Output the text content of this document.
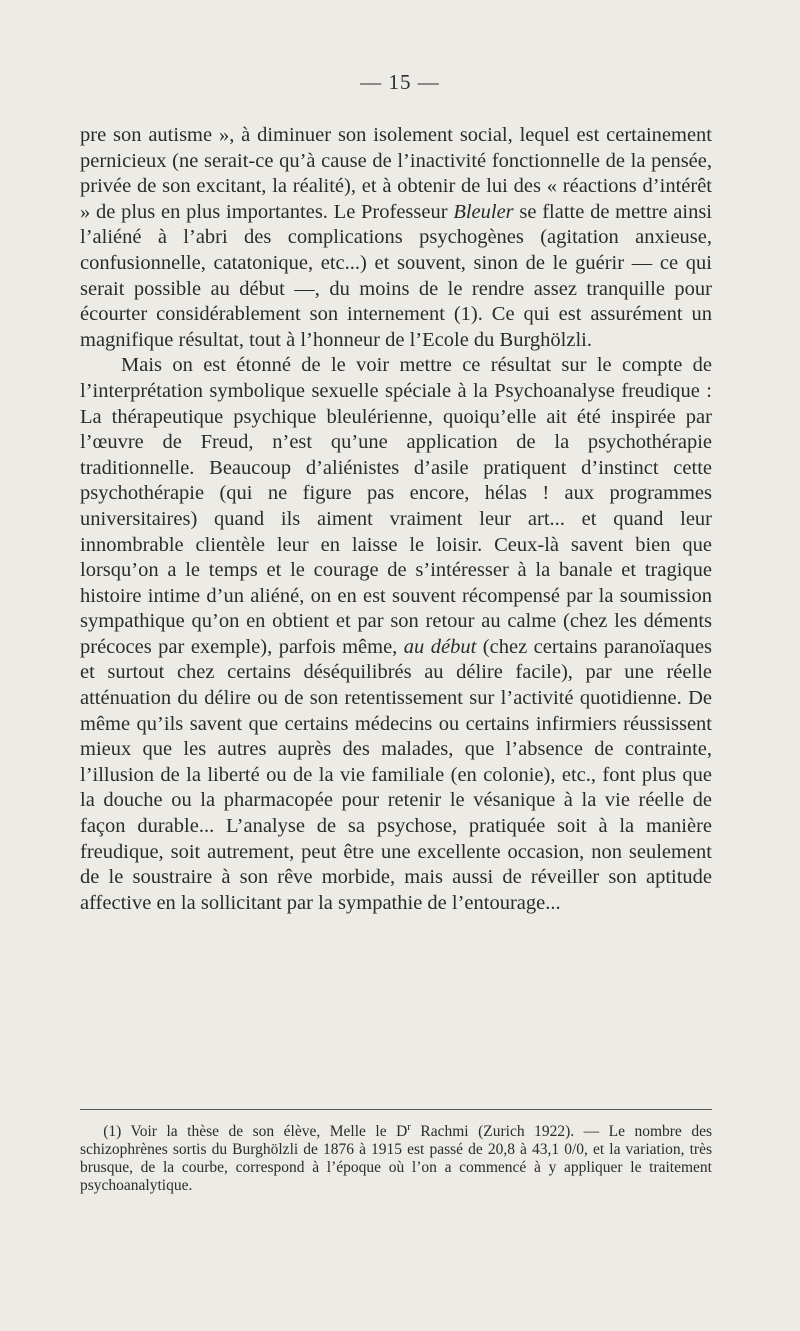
— 15 —

pre son autisme », à diminuer son isolement social, lequel est certainement pernicieux (ne serait-ce qu’à cause de l’inactivité fonctionnelle de la pensée, privée de son excitant, la réalité), et à obtenir de lui des « réactions d’intérêt » de plus en plus importantes. Le Professeur Bleuler se flatte de mettre ainsi l’aliéné à l’abri des complications psychogènes (agitation anxieuse, confusionnelle, catatonique, etc...) et souvent, sinon de le guérir — ce qui serait possible au début —, du moins de le rendre assez tranquille pour écourter considérablement son internement (1). Ce qui est assurément un magnifique résultat, tout à l’honneur de l’Ecole du Burghölzli.

Mais on est étonné de le voir mettre ce résultat sur le compte de l’interprétation symbolique sexuelle spéciale à la Psychoanalyse freudique : La thérapeutique psychique bleulérienne, quoiqu’elle ait été inspirée par l’œuvre de Freud, n’est qu’une application de la psychothérapie traditionnelle. Beaucoup d’aliénistes d’asile pratiquent d’instinct cette psychothérapie (qui ne figure pas encore, hélas ! aux programmes universitaires) quand ils aiment vraiment leur art... et quand leur innombrable clientèle leur en laisse le loisir. Ceux-là savent bien que lorsqu’on a le temps et le courage de s’intéresser à la banale et tragique histoire intime d’un aliéné, on en est souvent récompensé par la soumission sympathique qu’on en obtient et par son retour au calme (chez les déments précoces par exemple), parfois même, au début (chez certains paranoïaques et surtout chez certains déséquilibrés au délire facile), par une réelle atténuation du délire ou de son retentissement sur l’activité quotidienne. De même qu’ils savent que certains médecins ou certains infirmiers réussissent mieux que les autres auprès des malades, que l’absence de contrainte, l’illusion de la liberté ou de la vie familiale (en colonie), etc., font plus que la douche ou la pharmacopée pour retenir le vésanique à la vie réelle de façon durable... L’analyse de sa psychose, pratiquée soit à la manière freudique, soit autrement, peut être une excellente occasion, non seulement de le soustraire à son rêve morbide, mais aussi de réveiller son aptitude affective en la sollicitant par la sympathie de l’entourage...

(1) Voir la thèse de son élève, Melle le $D^r$ Rachmi (Zurich 1922). — Le nombre des schizophrènes sortis du Burghölzli de 1876 à 1915 est passé de 20,8 à 43,1 0/0, et la variation, très brusque, de la courbe, correspond à l’époque où l’on a commencé à y appliquer le traitement psychoanalytique.
